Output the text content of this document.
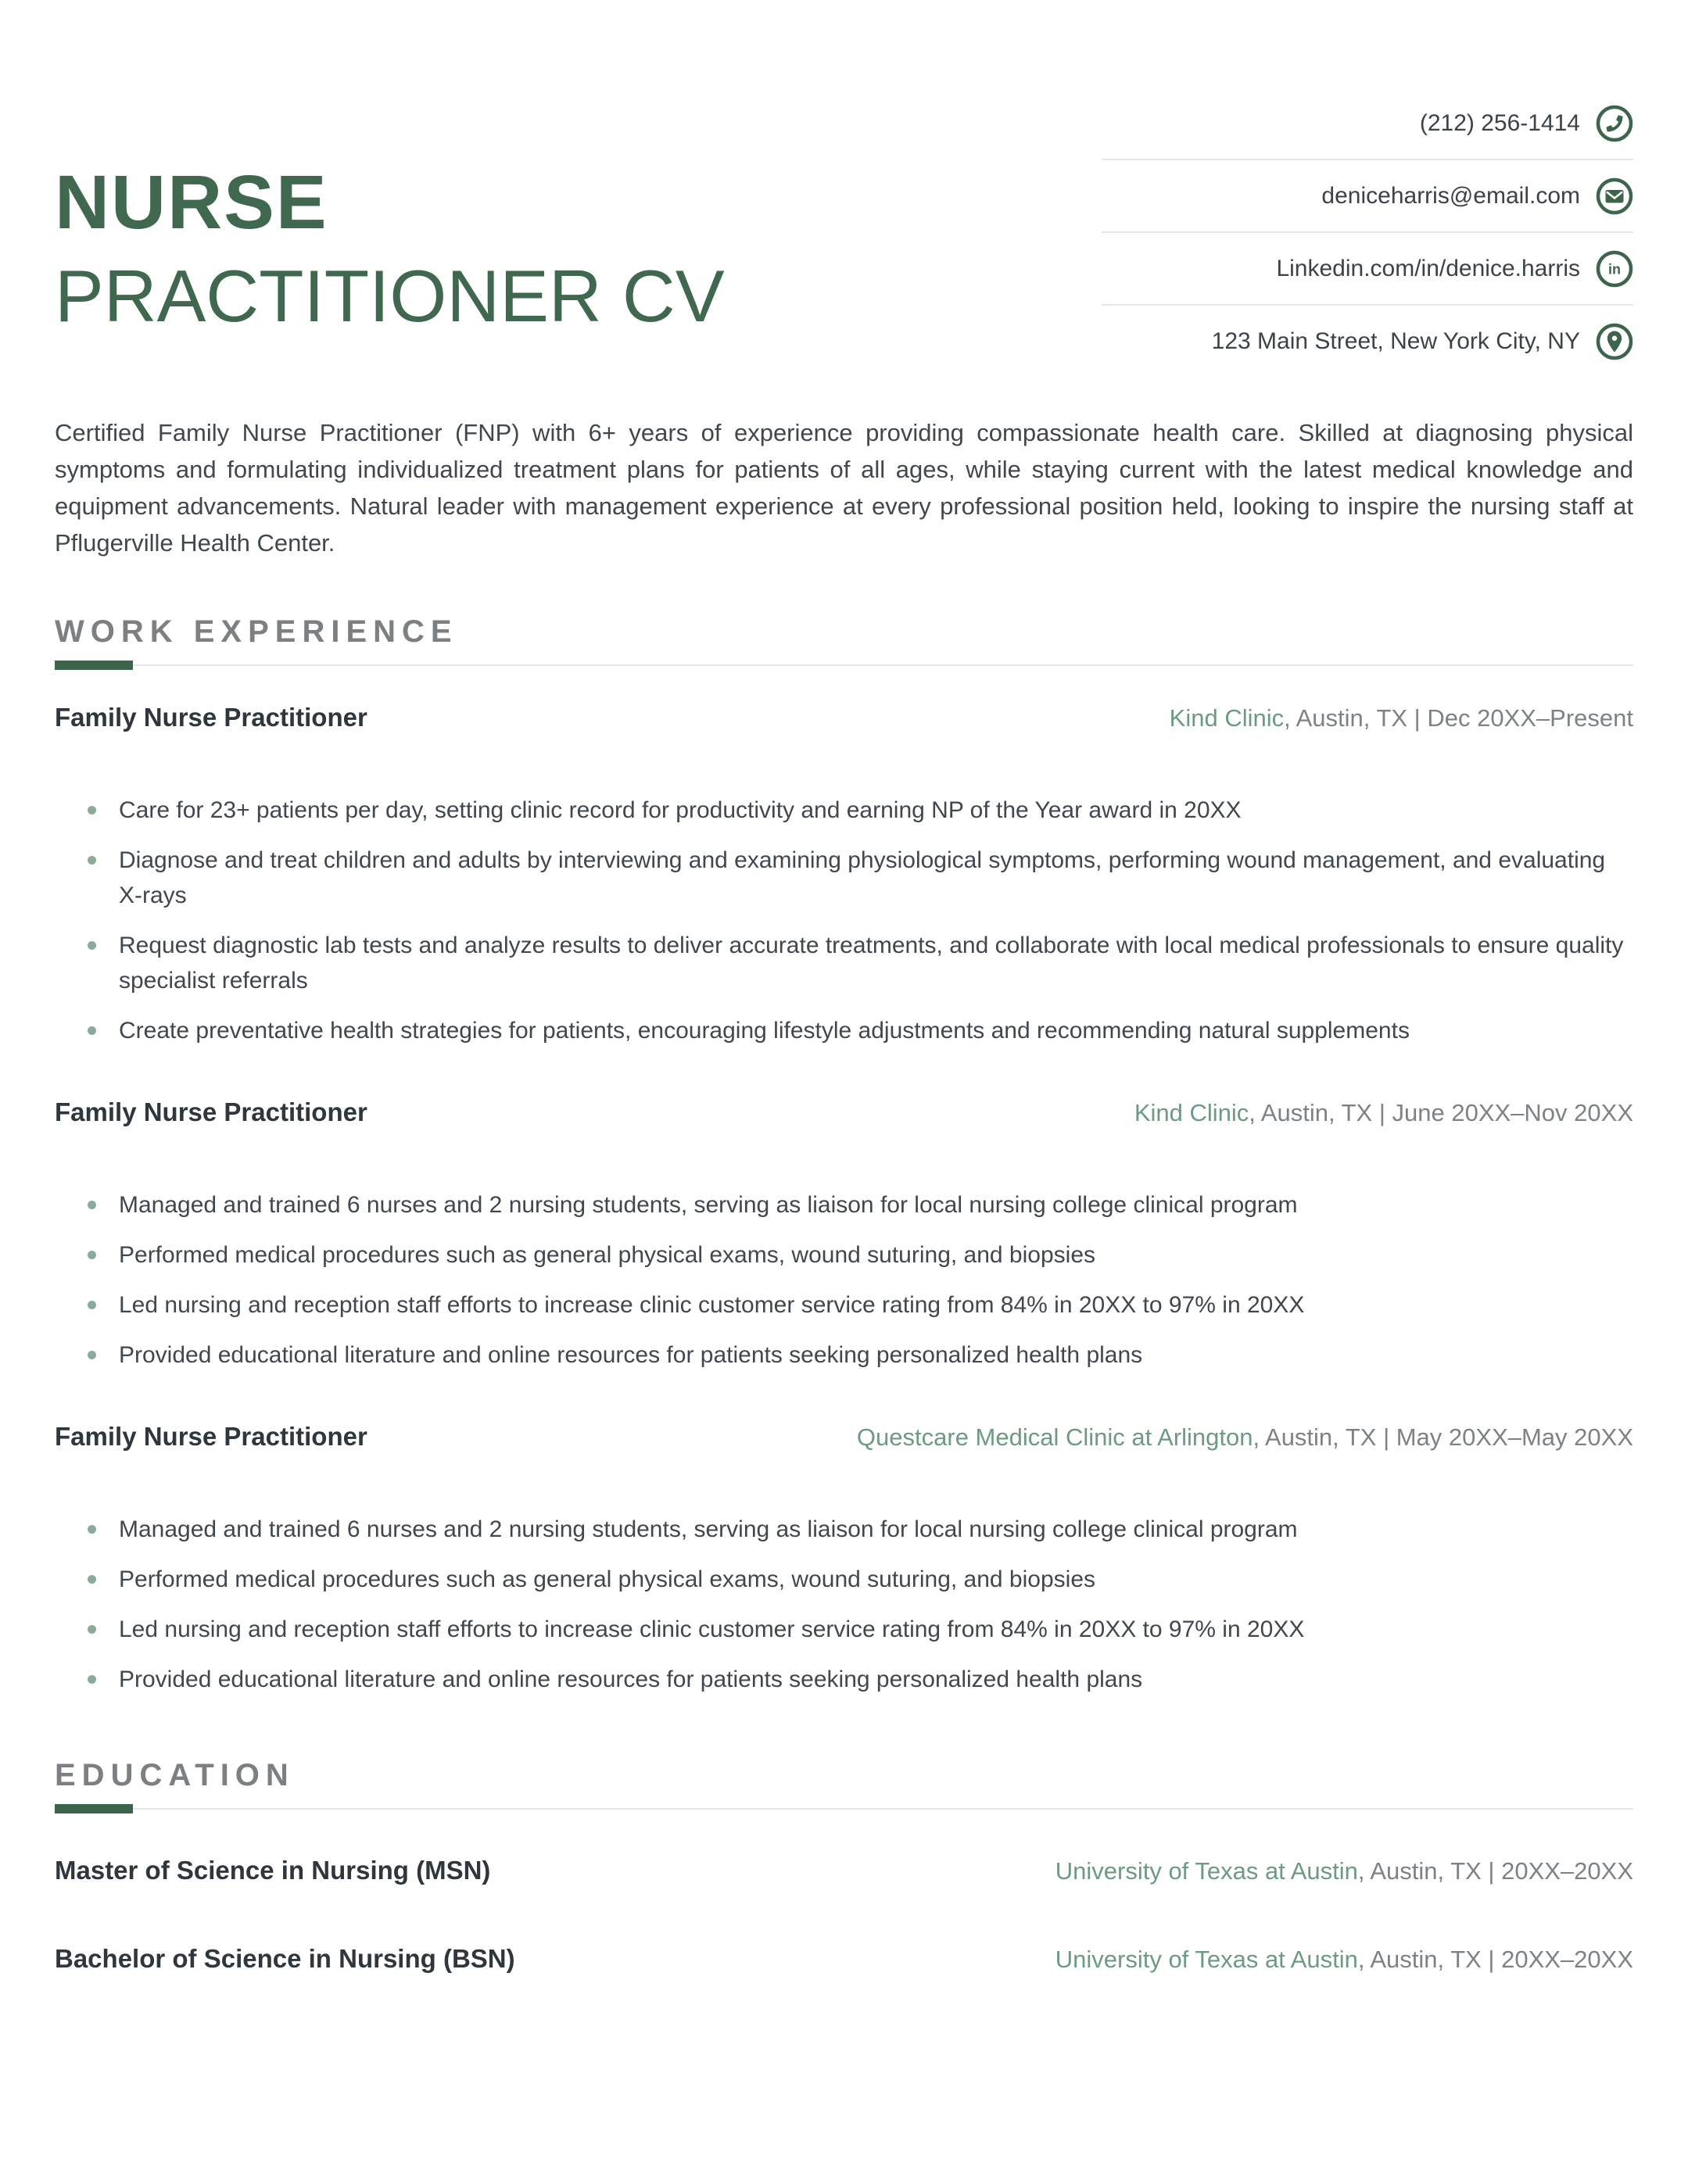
NURSE
PRACTITIONER CV
(212) 256-1414
deniceharris@email.com
Linkedin.com/in/denice.harris in
123 Main Street, New York City, NY

Certified Family Nurse Practitioner (FNP) with 6+ years of experience providing compassionate health care. Skilled at diagnosing physical symptoms and formulating individualized treatment plans for patients of all ages, while staying current with the latest medical knowledge and equipment advancements. Natural leader with management experience at every professional position held, looking to inspire the nursing staff at Pflugerville Health Center.

WORK EXPERIENCE
Family Nurse Practitioner	Kind Clinic, Austin, TX | Dec 20XX–Present
Care for 23+ patients per day, setting clinic record for productivity and earning NP of the Year award in 20XX
Diagnose and treat children and adults by interviewing and examining physiological symptoms, performing wound management, and evaluating X-rays
Request diagnostic lab tests and analyze results to deliver accurate treatments, and collaborate with local medical professionals to ensure quality specialist referrals
Create preventative health strategies for patients, encouraging lifestyle adjustments and recommending natural supplements
Family Nurse Practitioner	Kind Clinic, Austin, TX | June 20XX–Nov 20XX
Managed and trained 6 nurses and 2 nursing students, serving as liaison for local nursing college clinical program
Performed medical procedures such as general physical exams, wound suturing, and biopsies
Led nursing and reception staff efforts to increase clinic customer service rating from 84% in 20XX to 97% in 20XX
Provided educational literature and online resources for patients seeking personalized health plans
Family Nurse Practitioner	Questcare Medical Clinic at Arlington, Austin, TX | May 20XX–May 20XX
Managed and trained 6 nurses and 2 nursing students, serving as liaison for local nursing college clinical program
Performed medical procedures such as general physical exams, wound suturing, and biopsies
Led nursing and reception staff efforts to increase clinic customer service rating from 84% in 20XX to 97% in 20XX
Provided educational literature and online resources for patients seeking personalized health plans
EDUCATION
Master of Science in Nursing (MSN)	University of Texas at Austin, Austin, TX | 20XX–20XX
Bachelor of Science in Nursing (BSN)	University of Texas at Austin, Austin, TX | 20XX–20XX
